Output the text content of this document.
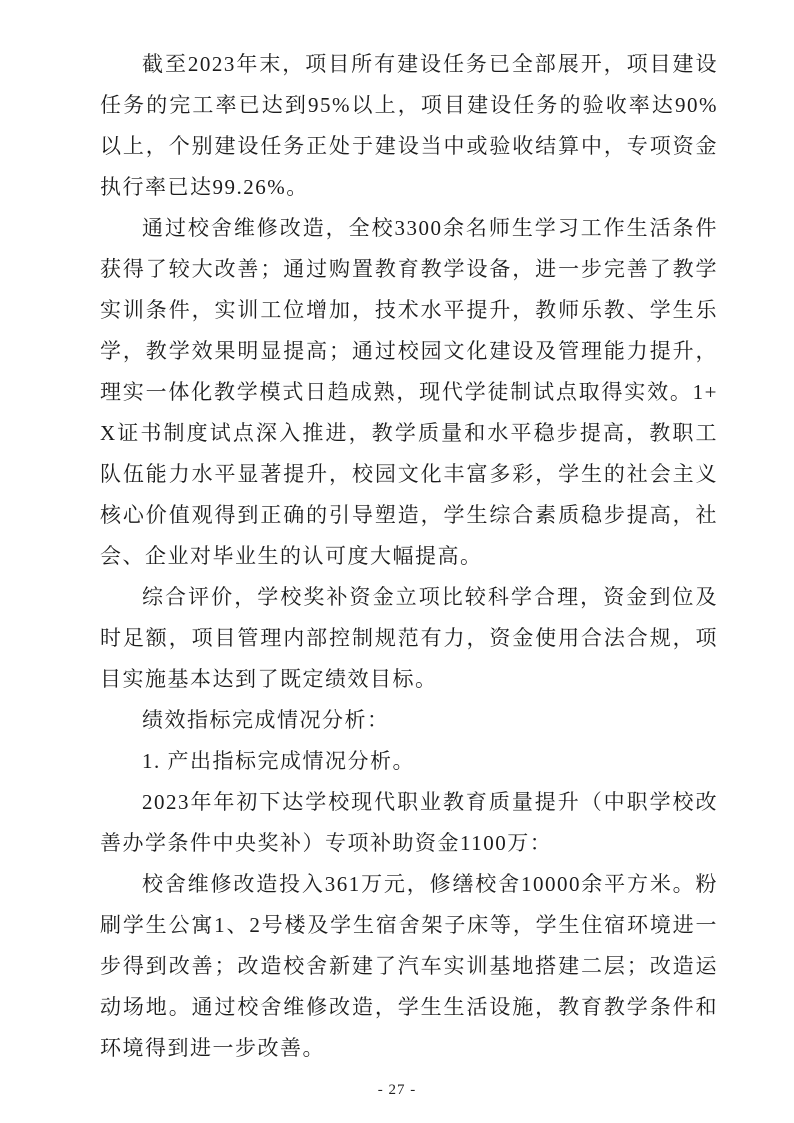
截至2023年末，项目所有建设任务已全部展开，项目建设任务的完工率已达到95%以上，项目建设任务的验收率达90%以上，个别建设任务正处于建设当中或验收结算中，专项资金执行率已达99.26%。

通过校舍维修改造，全校3300余名师生学习工作生活条件获得了较大改善；通过购置教育教学设备，进一步完善了教学实训条件，实训工位增加，技术水平提升，教师乐教、学生乐学，教学效果明显提高；通过校园文化建设及管理能力提升，理实一体化教学模式日趋成熟，现代学徒制试点取得实效。1+X证书制度试点深入推进，教学质量和水平稳步提高，教职工队伍能力水平显著提升，校园文化丰富多彩，学生的社会主义核心价值观得到正确的引导塑造，学生综合素质稳步提高，社会、企业对毕业生的认可度大幅提高。

综合评价，学校奖补资金立项比较科学合理，资金到位及时足额，项目管理内部控制规范有力，资金使用合法合规，项目实施基本达到了既定绩效目标。

绩效指标完成情况分析：

1. 产出指标完成情况分析。

2023年年初下达学校现代职业教育质量提升（中职学校改善办学条件中央奖补）专项补助资金1100万：

校舍维修改造投入361万元，修缮校舍10000余平方米。粉刷学生公寓1、2号楼及学生宿舍架子床等，学生住宿环境进一步得到改善；改造校舍新建了汽车实训基地搭建二层；改造运动场地。通过校舍维修改造，学生生活设施，教育教学条件和环境得到进一步改善。

- 27 -
